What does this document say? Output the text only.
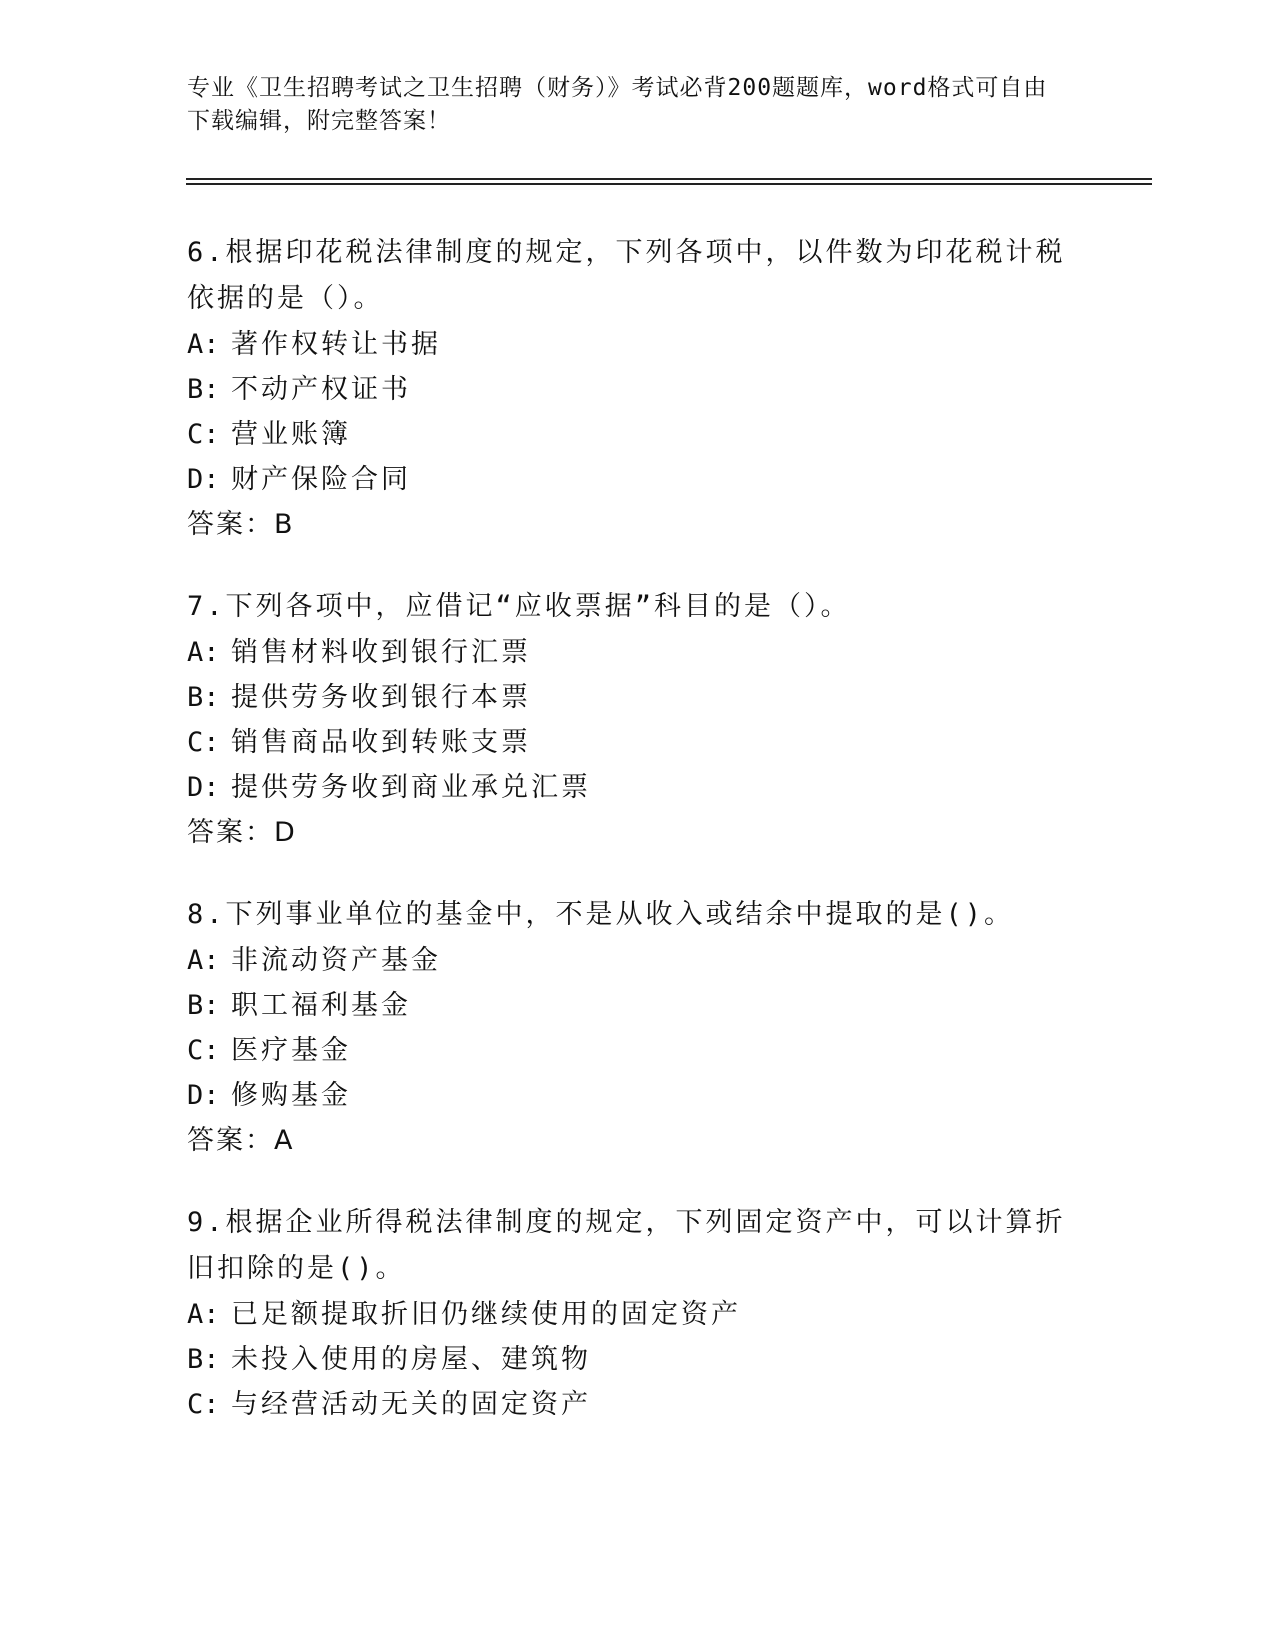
专业《卫生招聘考试之卫生招聘（财务）》考试必背200题题库，word格式可自由下载编辑，附完整答案！
6.根据印花税法律制度的规定，下列各项中，以件数为印花税计税依据的是（）。
A: 著作权转让书据
B: 不动产权证书
C: 营业账簿
D: 财产保险合同
答案：B
7.下列各项中，应借记“应收票据”科目的是（）。
A: 销售材料收到银行汇票
B: 提供劳务收到银行本票
C: 销售商品收到转账支票
D: 提供劳务收到商业承兑汇票
答案：D
8.下列事业单位的基金中，不是从收入或结余中提取的是()。
A: 非流动资产基金
B: 职工福利基金
C: 医疗基金
D: 修购基金
答案：A
9.根据企业所得税法律制度的规定，下列固定资产中，可以计算折旧扣除的是()。
A: 已足额提取折旧仍继续使用的固定资产
B: 未投入使用的房屋、建筑物
C: 与经营活动无关的固定资产
